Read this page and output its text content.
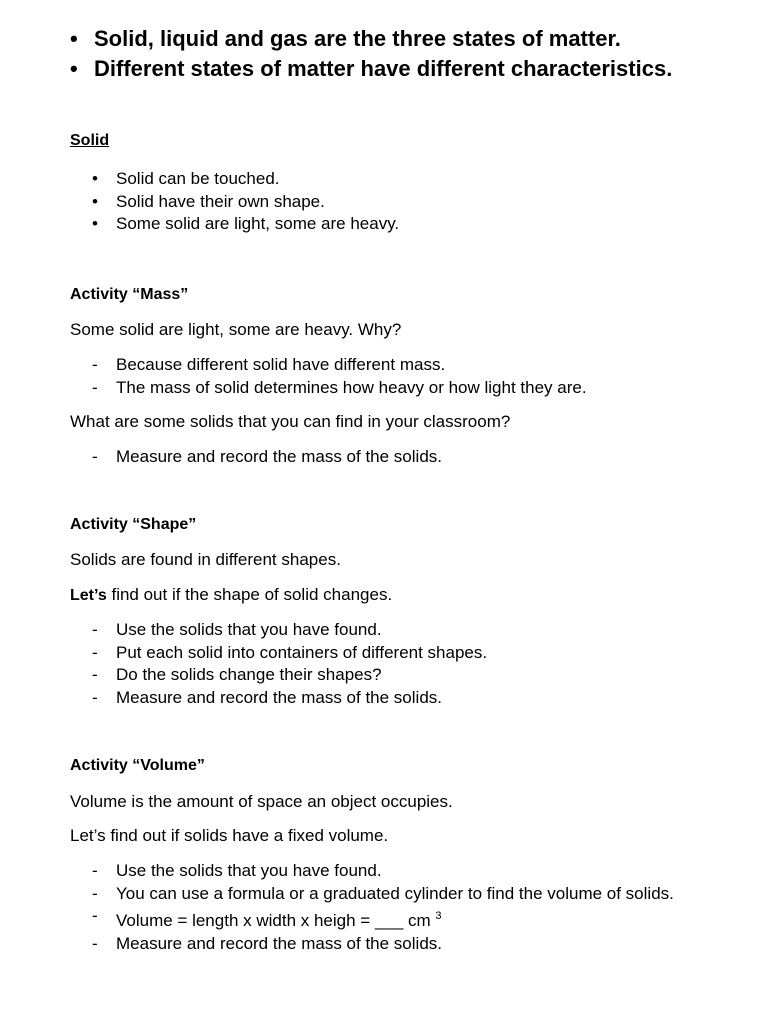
• Solid, liquid and gas are the three states of matter.
• Different states of matter have different characteristics.
Solid
• Solid can be touched.
• Solid have their own shape.
• Some solid are light, some are heavy.
Activity “Mass”
Some solid are light, some are heavy. Why?
- Because different solid have different mass.
- The mass of solid determines how heavy or how light they are.
What are some solids that you can find in your classroom?
- Measure and record the mass of the solids.
Activity “Shape”
Solids are found in different shapes.
Let’s find out if the shape of solid changes.
- Use the solids that you have found.
- Put each solid into containers of different shapes.
- Do the solids change their shapes?
- Measure and record the mass of the solids.
Activity “Volume”
Volume is the amount of space an object occupies.
Let’s find out if solids have a fixed volume.
- Use the solids that you have found.
- You can use a formula or a graduated cylinder to find the volume of solids.
- Volume = length x width x heigh = ___ cm $^3$
- Measure and record the mass of the solids.
